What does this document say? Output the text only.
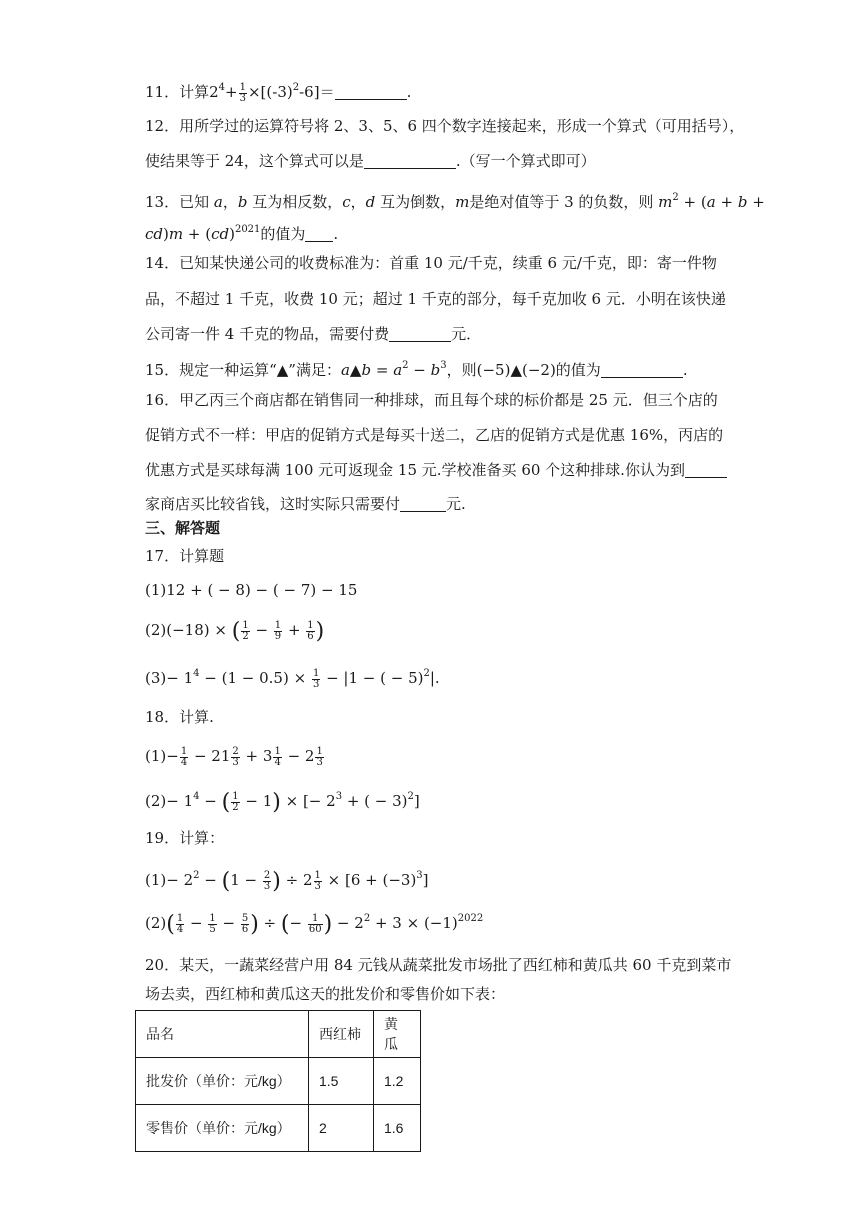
11．计算$2^4+ \frac{1}{3} \times[(-3)^2-6]=$	.
12．用所学过的运算符号将 2、3、5、6 四个数字连接起来，形成一个算式（可用括号），
使结果等于 24，这个算式可以是	.（写一个算式即可）
13．已知 a，b 互为相反数，c，d 互为倒数，m是绝对值等于 3 的负数，则 $m^2 + (a + b$ +
cd)m + (cd)$^{2021}$的值为 .
14．已知某快递公司的收费标准为：首重 10 元/千克，续重 6 元/千克，即：寄一件物
品，不超过 1 千克，收费 10 元；超过 1 千克的部分，每千克加收 6 元．小明在该快递
公司寄一件 4 千克的物品，需要付费	元．
15．规定一种运算“▲”满足：a▲b = $a^2 - b^3$，则(−5)▲(−2)的值为	.
16．甲乙丙三个商店都在销售同一种排球，而且每个球的标价都是 25 元．但三个店的
促销方式不一样：甲店的促销方式是每买十送二，乙店的促销方式是优惠 16%，丙店的
优惠方式是买球每满 100 元可返现金 15 元.学校准备买 60 个这种排球.你认为到
家商店买比较省钱，这时实际只需要付	元.
三、解答题
17．计算题
(1)12 + ( − 8) − ( − 7) − 15
(2)(−18) × ( $\frac{1}{2} - \frac{1}{9} + \frac{1}{6}$ )
$(3)- 1^4 - (1 - 0.5) \times \frac{1}{3} - |1$ − ( − 5)$^2$|.
18．计算.
$(1)- \frac{1}{4} - 21 \frac{2}{3} + 3 \frac{1}{4} - 2 \frac{1}{3}$
$(2)- 1^4$ − ( $\frac{1}{2} - 1$) × [− $2^3$ + ( − 3)$^2$]
19．计算：
$(1)- 2^2 - (1 - \frac{2}{3}$ ) ÷ $2 \frac{1}{3} \times [6 + (-3)^3]$
$(2)( \frac{1}{4} - \frac{1}{5} - \frac{5}{6}$ ) ÷ (− $\frac{1}{60}$ ) − $2^2 + 3 \times (-1)^{2022}$
20．某天，一蔬菜经营户用 84 元钱从蔬菜批发市场批了西红柿和黄瓜共 60 千克到菜市
场去卖，西红柿和黄瓜这天的批发价和零售价如下表：
品名	西红柿	黄瓜
批发价（单价：元/kg）	1.5	1.2
零售价（单价：元/kg）	2	1.6
